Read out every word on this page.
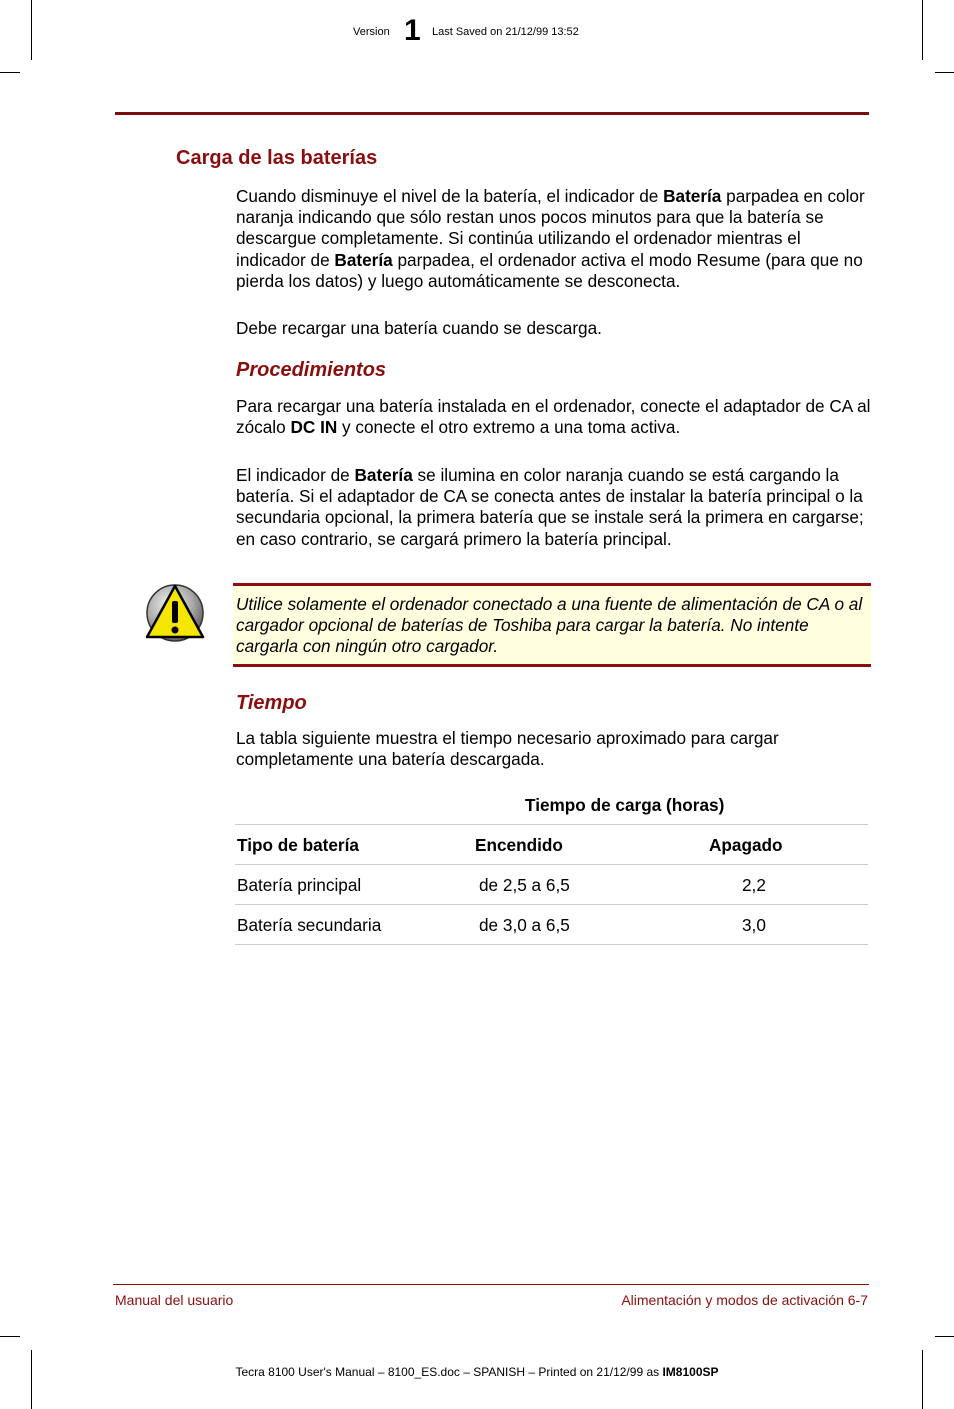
Version 1 Last Saved on 21/12/99 13:52
Carga de las baterías

Cuando disminuye el nivel de la batería, el indicador de Batería parpadea en color naranja indicando que sólo restan unos pocos minutos para que la batería se descargue completamente. Si continúa utilizando el ordenador mientras el indicador de Batería parpadea, el ordenador activa el modo Resume (para que no pierda los datos) y luego automáticamente se desconecta.

Debe recargar una batería cuando se descarga.

Procedimientos

Para recargar una batería instalada en el ordenador, conecte el adaptador de CA al zócalo DC IN y conecte el otro extremo a una toma activa.

El indicador de Batería se ilumina en color naranja cuando se está cargando la batería. Si el adaptador de CA se conecta antes de instalar la batería principal o la secundaria opcional, la primera batería que se instale será la primera en cargarse; en caso contrario, se cargará primero la batería principal.

Utilice solamente el ordenador conectado a una fuente de alimentación de CA o al cargador opcional de baterías de Toshiba para cargar la batería. No intente cargarla con ningún otro cargador.

Tiempo

La tabla siguiente muestra el tiempo necesario aproximado para cargar completamente una batería descargada.

Tiempo de carga (horas)
Tipo de batería	Encendido	Apagado
Batería principal	de 2,5 a 6,5	2,2
Batería secundaria	de 3,0 a 6,5	3,0
Manual del usuario	Alimentación y modos de activación 6-7
Tecra 8100 User's Manual – 8100_ES.doc – SPANISH – Printed on 21/12/99 as IM8100SP
